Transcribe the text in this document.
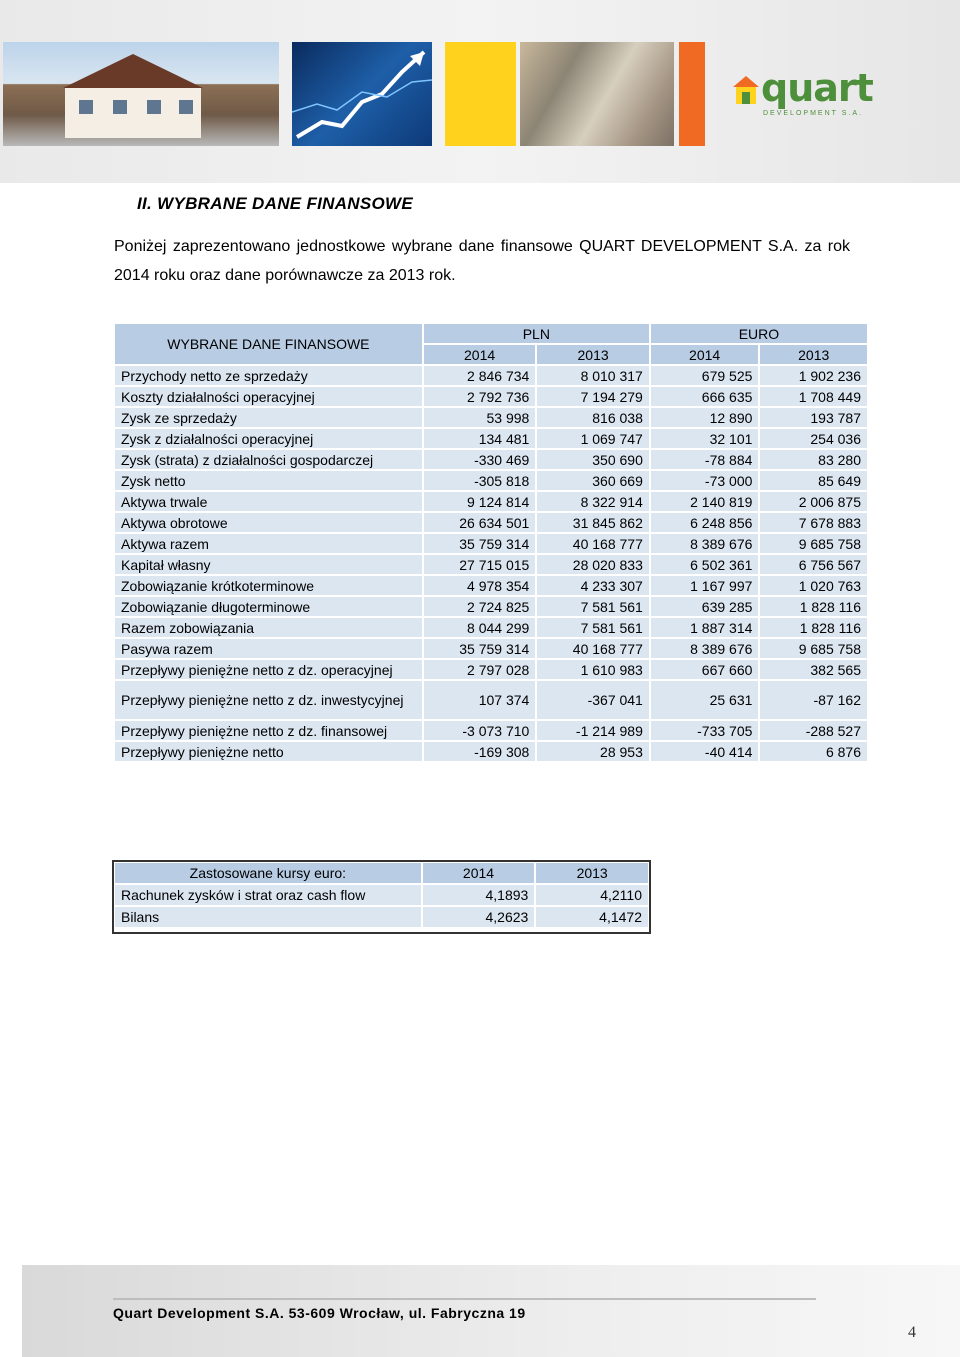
quart
DEVELOPMENT S.A.
II. WYBRANE DANE FINANSOWE
Poniżej zaprezentowano jednostkowe wybrane dane finansowe QUART DEVELOPMENT S.A. za rok 2014 roku oraz dane porównawcze za 2013 rok.
WYBRANE DANE FINANSOWE	PLN		EURO	
	2014	2013	2014	2013
Przychody netto ze sprzedaży	2 846 734	8 010 317	679 525	1 902 236
Koszty działalności operacyjnej	2 792 736	7 194 279	666 635	1 708 449
Zysk ze sprzedaży	53 998	816 038	12 890	193 787
Zysk z działalności operacyjnej	134 481	1 069 747	32 101	254 036
Zysk (strata) z działalności gospodarczej	-330 469	350 690	-78 884	83 280
Zysk netto	-305 818	360 669	-73 000	85 649
Aktywa trwale	9 124 814	8 322 914	2 140 819	2 006 875
Aktywa obrotowe	26 634 501	31 845 862	6 248 856	7 678 883
Aktywa razem	35 759 314	40 168 777	8 389 676	9 685 758
Kapitał własny	27 715 015	28 020 833	6 502 361	6 756 567
Zobowiązanie krótkoterminowe	4 978 354	4 233 307	1 167 997	1 020 763
Zobowiązanie długoterminowe	2 724 825	7 581 561	639 285	1 828 116
Razem zobowiązania	8 044 299	7 581 561	1 887 314	1 828 116
Pasywa razem	35 759 314	40 168 777	8 389 676	9 685 758
Przepływy pieniężne netto z dz. operacyjnej	2 797 028	1 610 983	667 660	382 565
Przepływy pieniężne netto z dz. inwestycyjnej	107 374	-367 041	25 631	-87 162
Przepływy pieniężne netto z dz. finansowej	-3 073 710	-1 214 989	-733 705	-288 527
Przepływy pieniężne netto	-169 308	28 953	-40 414	6 876
Zastosowane kursy euro:	2014	2013
Rachunek zysków i strat oraz cash flow	4,1893	4,2110
Bilans	4,2623	4,1472
Quart Development S.A. 53-609 Wrocław, ul. Fabryczna 19
4
